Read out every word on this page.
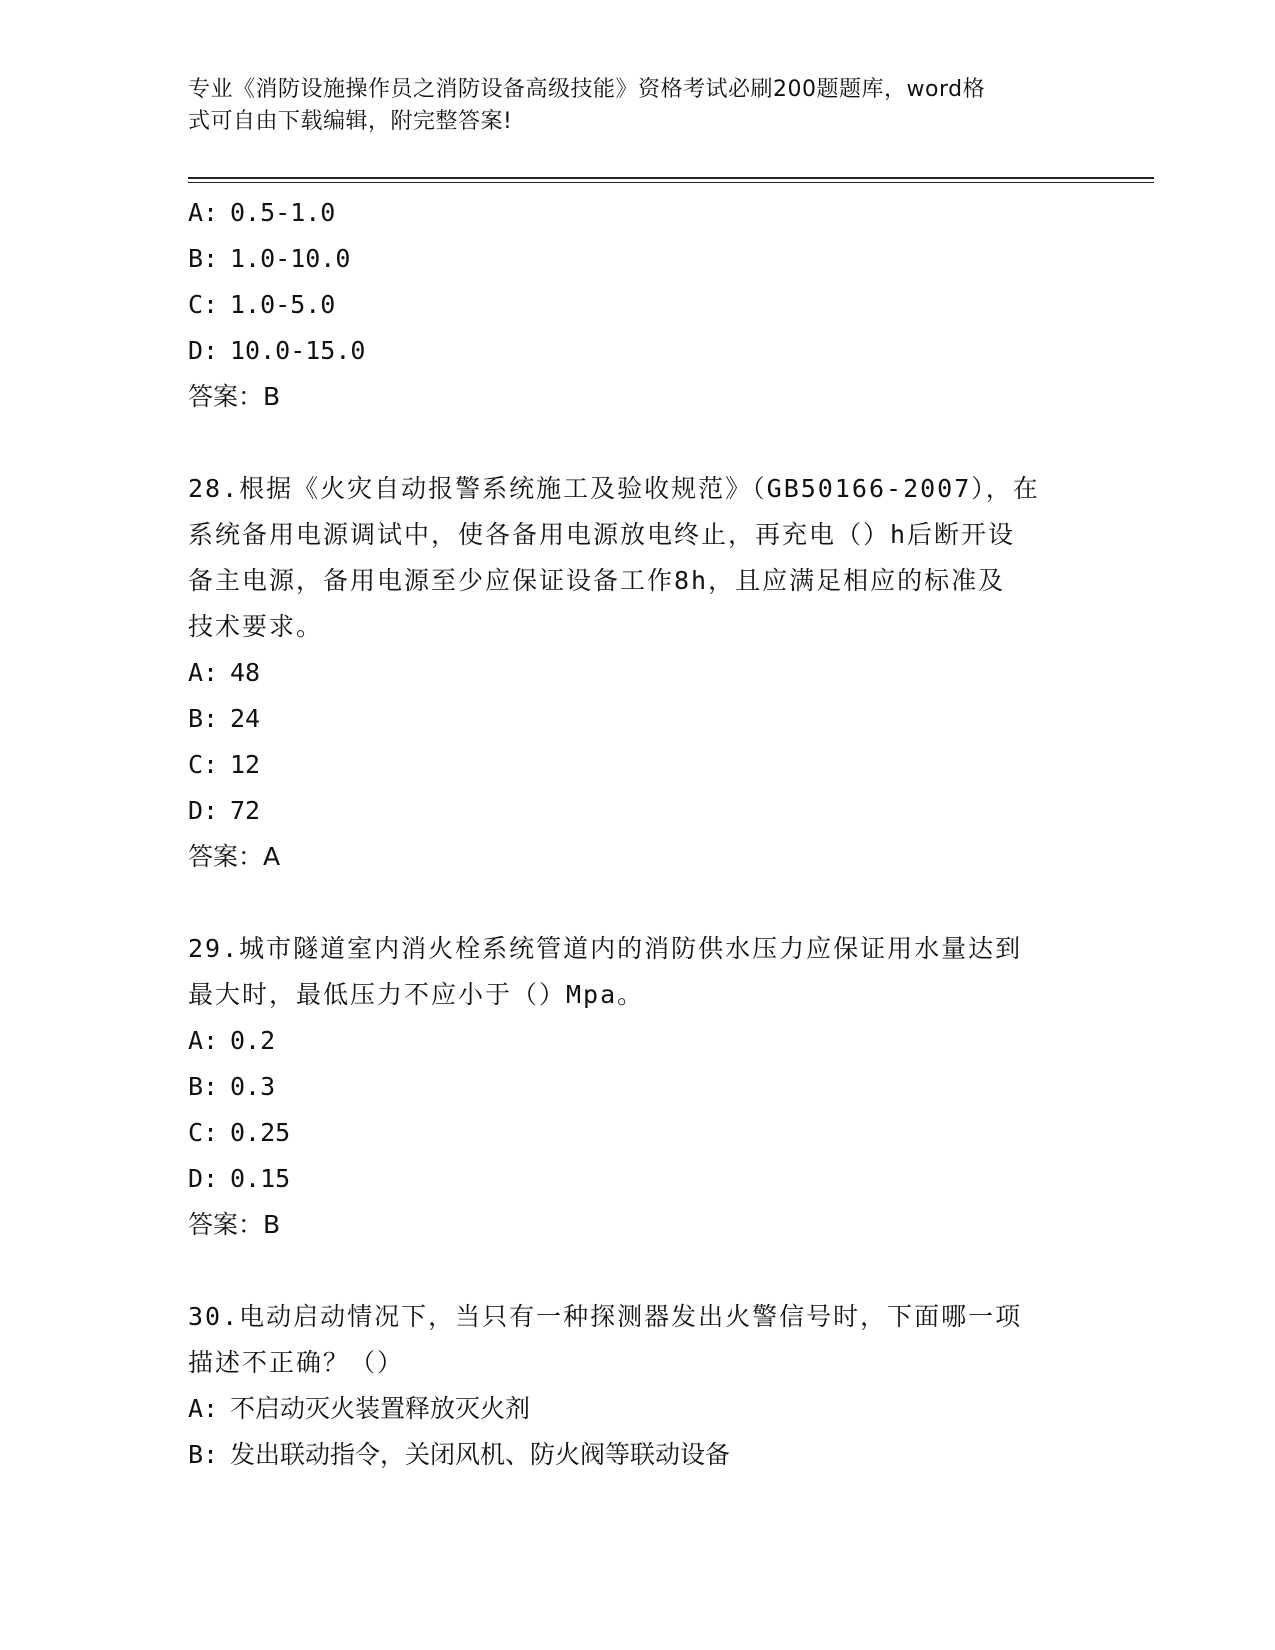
专业《消防设施操作员之消防设备高级技能》资格考试必刷200题题库，word格
式可自由下载编辑，附完整答案!
A: 0.5-1.0
B: 1.0-10.0
C: 1.0-5.0
D: 10.0-15.0
答案：B
28.根据《火灾自动报警系统施工及验收规范》（GB50166-2007），在
系统备用电源调试中，使各备用电源放电终止，再充电（）h后断开设
备主电源，备用电源至少应保证设备工作8h，且应满足相应的标准及
技术要求。
A: 48
B: 24
C: 12
D: 72
答案：A
29.城市隧道室内消火栓系统管道内的消防供水压力应保证用水量达到
最大时，最低压力不应小于（）Mpa。
A: 0.2
B: 0.3
C: 0.25
D: 0.15
答案：B
30.电动启动情况下，当只有一种探测器发出火警信号时，下面哪一项
描述不正确？（）
A: 不启动灭火装置释放灭火剂
B: 发出联动指令，关闭风机、防火阀等联动设备
